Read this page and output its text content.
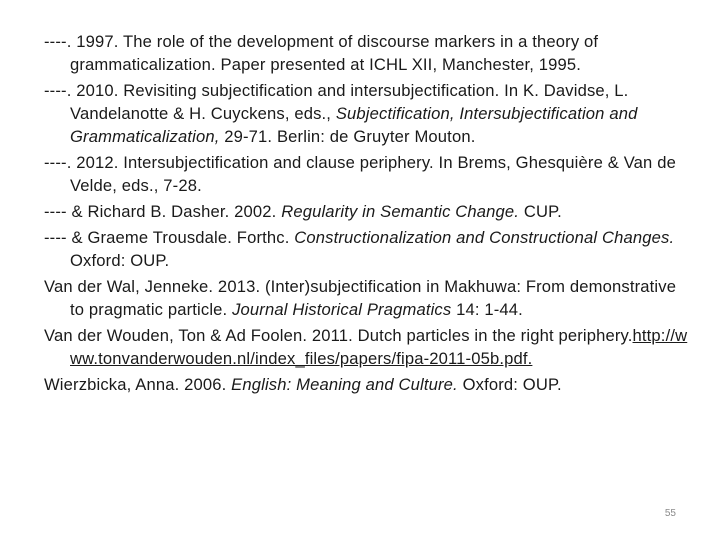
----. 1997. The role of the development of discourse markers in a theory of grammaticalization. Paper presented at ICHL XII, Manchester, 1995.
----. 2010. Revisiting subjectification and intersubjectification. In K. Davidse, L. Vandelanotte & H. Cuyckens, eds., Subjectification, Intersubjectification and Grammaticalization, 29-71. Berlin: de Gruyter Mouton.
----. 2012. Intersubjectification and clause periphery. In Brems, Ghesquière & Van de Velde, eds., 7-28.
---- & Richard B. Dasher. 2002. Regularity in Semantic Change. CUP.
---- & Graeme Trousdale. Forthc. Constructionalization and Constructional Changes. Oxford: OUP.
Van der Wal, Jenneke. 2013. (Inter)subjectification in Makhuwa: From demonstrative to pragmatic particle. Journal Historical Pragmatics 14: 1-44.
Van der Wouden, Ton & Ad Foolen. 2011. Dutch particles in the right periphery.http://www.tonvanderwouden.nl/index_files/papers/fipa-2011-05b.pdf.
Wierzbicka, Anna. 2006. English: Meaning and Culture. Oxford: OUP.
55
